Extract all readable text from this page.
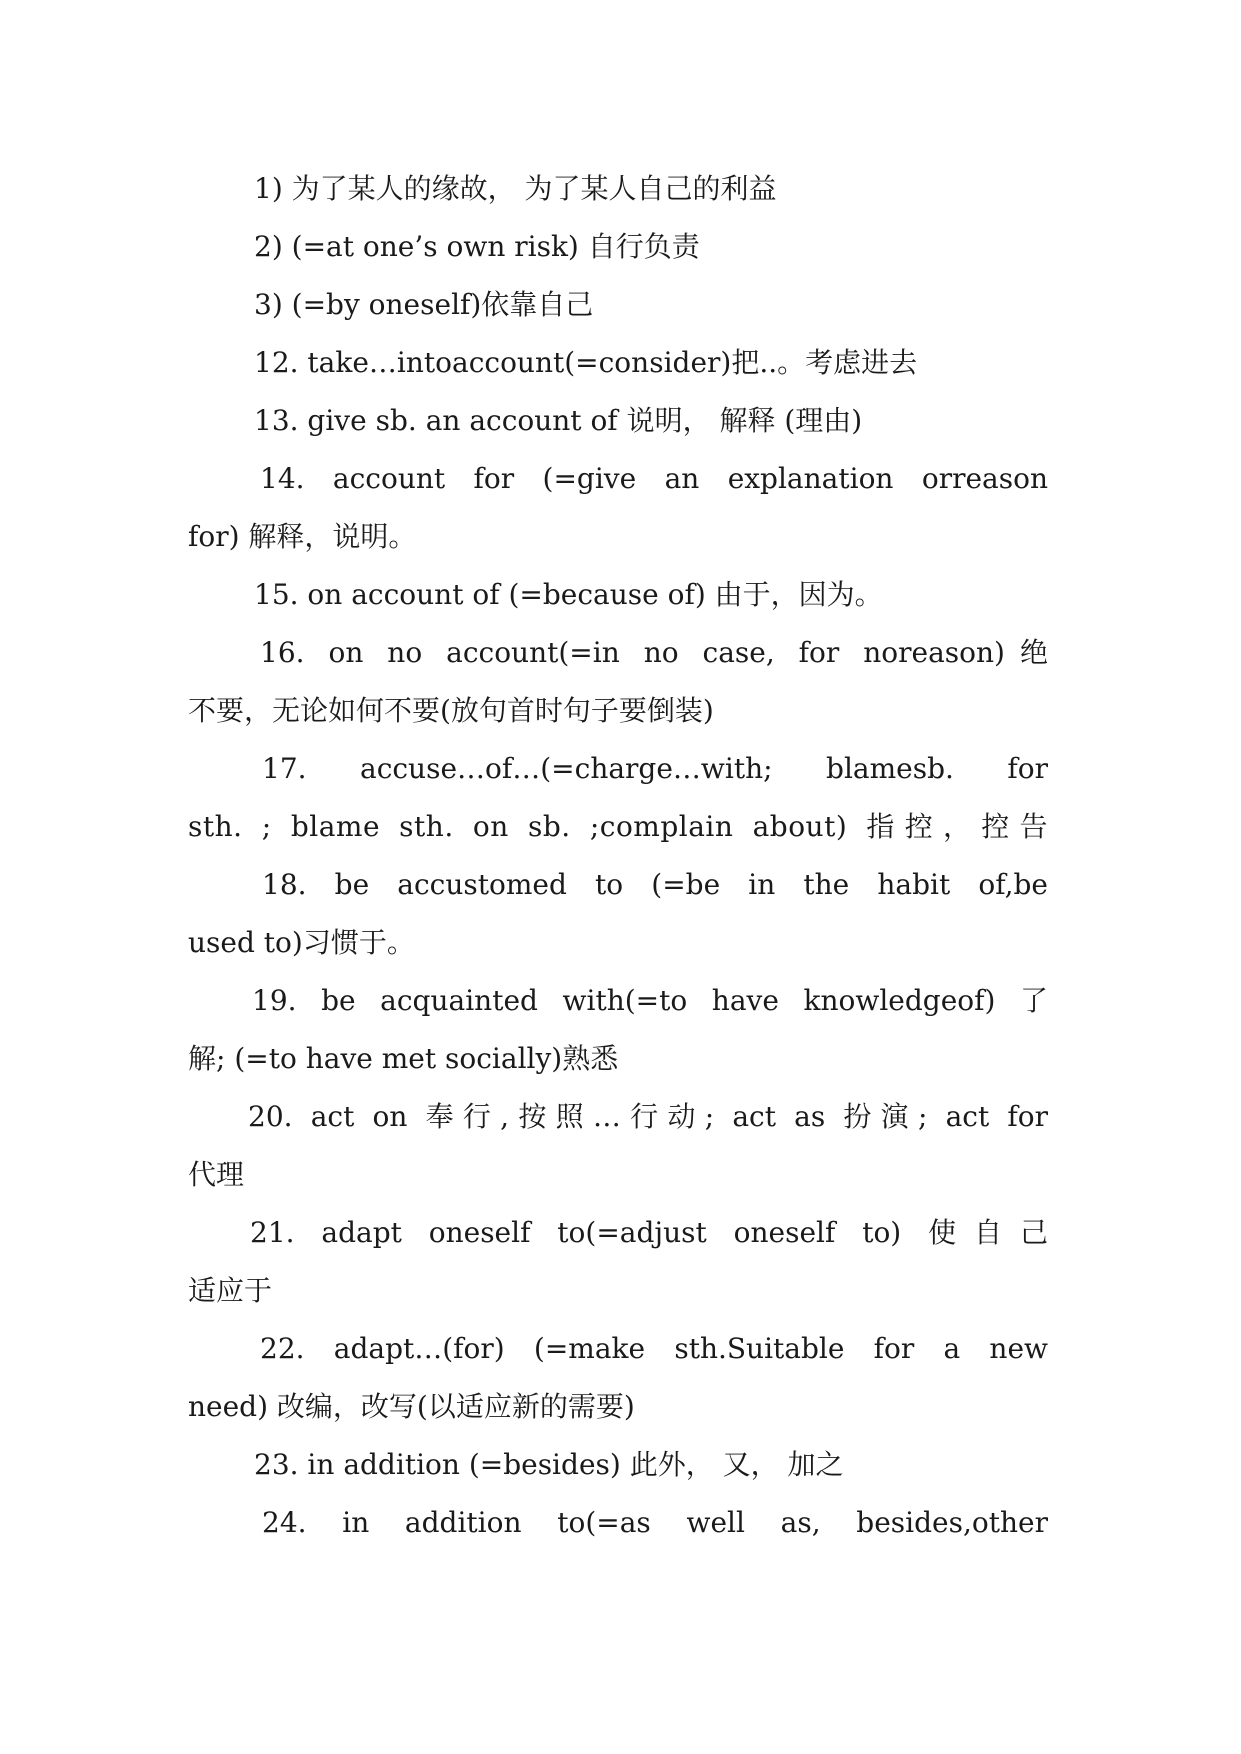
1) 为了某人的缘故， 为了某人自己的利益
2) (=at one’s own risk) 自行负责
3) (=by oneself)依靠自己
12. take…intoaccount(=consider)把..。考虑进去
13. give sb. an account of 说明， 解释 (理由)
14. account for (=give an explanation orreason
for) 解释，说明。
15. on account of (=because of) 由于，因为。
16. on no account(=in no case, for noreason)绝
不要，无论如何不要(放句首时句子要倒装)
17. accuse…of…(=charge…with; blamesb. for
sth. ; blame sth. on sb. ;complain about) 指控，控告
18. be accustomed to (=be in the habit of,be
used to)习惯于。
19. be acquainted with(=to have knowledgeof) 了
解; (=to have met socially)熟悉
20. act on 奉行,按照…行动; act as 扮演; act for
代理
21. adapt oneself to(=adjust oneself to) 使自己
适应于
22. adapt…(for) (=make sth.Suitable for a new
need) 改编，改写(以适应新的需要)
23. in addition (=besides) 此外， 又， 加之
24. in addition to(=as well as, besides,other
